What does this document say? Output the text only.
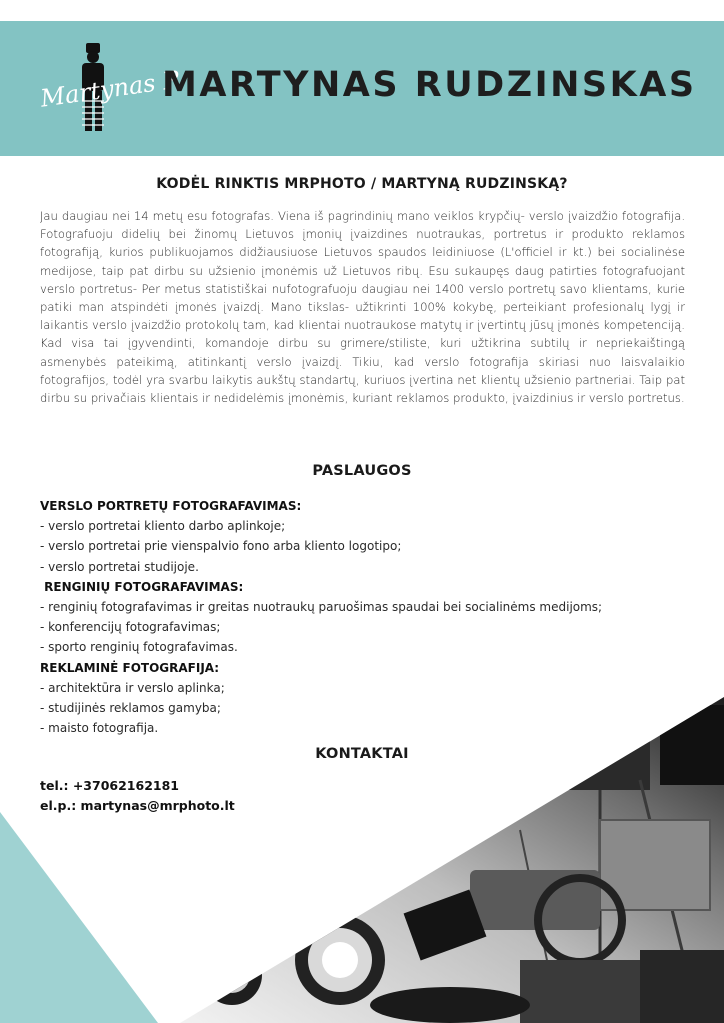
Martynas R
MARTYNAS RUDZINSKAS
KODĖL RINKTIS MRPHOTO / MARTYNĄ RUDZINSKĄ?
Jau daugiau nei 14 metų esu fotografas. Viena iš pagrindinių mano veiklos krypčių- verslo įvaizdžio fotografija. Fotografuoju didelių bei žinomų Lietuvos įmonių įvaizdines nuotraukas, portretus ir produkto reklamos fotografiją, kurios publikuojamos didžiausiuose Lietuvos spaudos leidiniuose (L'officiel ir kt.) bei socialinėse medijose, taip pat dirbu su užsienio įmonėmis už Lietuvos ribų. Esu sukaupęs daug patirties fotografuojant verslo portretus- Per metus statistiškai nufotografuoju daugiau nei 1400 verslo portretų savo klientams, kurie patiki man atspindėti įmonės įvaizdį. Mano tikslas- užtikrinti 100% kokybę, perteikiant profesionalų lygį ir laikantis verslo įvaizdžio protokolų tam, kad klientai nuotraukose matytų ir įvertintų jūsų įmonės kompetenciją. Kad visa tai įgyvendinti, komandoje dirbu su grimere/stiliste, kuri užtikrina subtilų ir nepriekaištingą asmenybės pateikimą, atitinkantį verslo įvaizdį. Tikiu, kad verslo fotografija skiriasi nuo laisvalaikio fotografijos, todėl yra svarbu laikytis aukštų standartų, kuriuos įvertina net klientų užsienio partneriai. Taip pat dirbu su privačiais klientais ir nedidelėmis įmonėmis, kuriant reklamos produkto, įvaizdinius ir verslo portretus.
PASLAUGOS
VERSLO PORTRETŲ FOTOGRAFAVIMAS:
- verslo portretai kliento darbo aplinkoje;
- verslo portretai prie vienspalvio fono arba kliento logotipo;
- verslo portretai studijoje.
RENGINIŲ FOTOGRAFAVIMAS:
- renginių fotografavimas ir greitas nuotraukų paruošimas spaudai bei socialinėms medijoms;
- konferencijų fotografavimas;
- sporto renginių fotografavimas.
REKLAMINĖ FOTOGRAFIJA:
- architektūra ir verslo aplinka;
- studijinės reklamos gamyba;
- maisto fotografija.
KONTAKTAI
tel.: +37062162181
el.p.: martynas@mrphoto.lt
